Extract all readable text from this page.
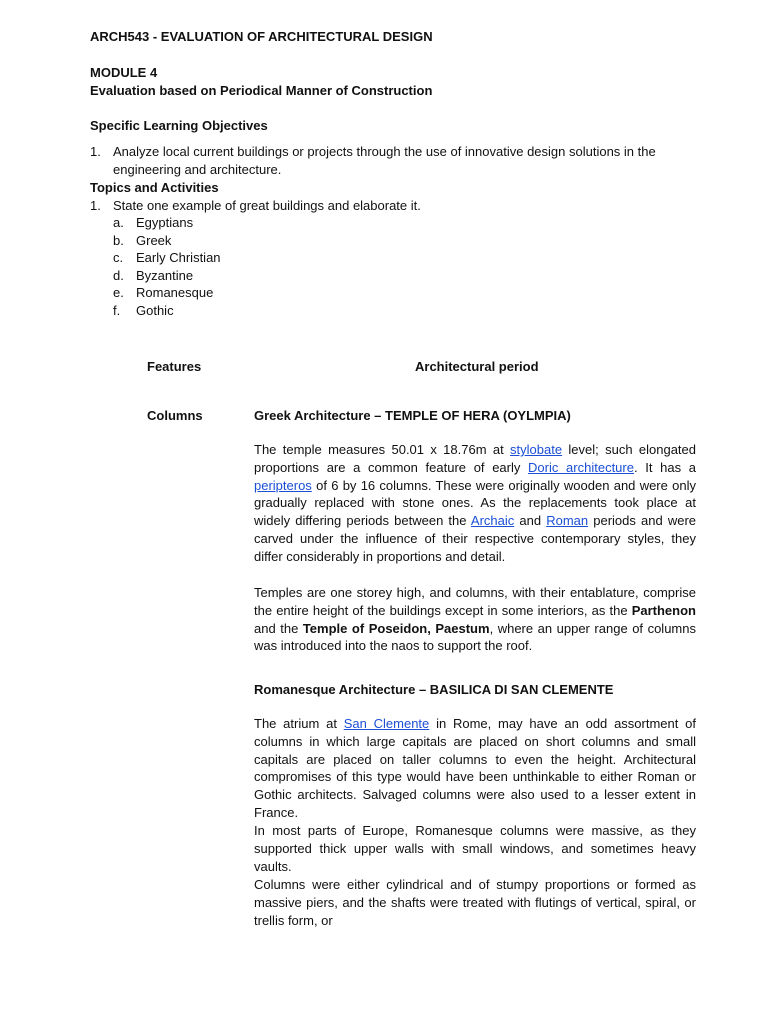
ARCH543 - EVALUATION OF ARCHITECTURAL DESIGN
MODULE 4
Evaluation based on Periodical Manner of Construction
Specific Learning Objectives
1. Analyze local current buildings or projects through the use of innovative design solutions in the engineering and architecture.
Topics and Activities
1. State one example of great buildings and elaborate it.
a. Egyptians
b. Greek
c. Early Christian
d. Byzantine
e. Romanesque
f. Gothic
Features	Architectural period
Columns	Greek Architecture – TEMPLE OF HERA (OYLMPIA)
The temple measures 50.01 x 18.76m at stylobate level; such elongated proportions are a common feature of early Doric architecture. It has a peripteros of 6 by 16 columns. These were originally wooden and were only gradually replaced with stone ones. As the replacements took place at widely differing periods between the Archaic and Roman periods and were carved under the influence of their respective contemporary styles, they differ considerably in proportions and detail.
Temples are one storey high, and columns, with their entablature, comprise the entire height of the buildings except in some interiors, as the Parthenon and the Temple of Poseidon, Paestum, where an upper range of columns was introduced into the naos to support the roof.
Romanesque Architecture – BASILICA DI SAN CLEMENTE
The atrium at San Clemente in Rome, may have an odd assortment of columns in which large capitals are placed on short columns and small capitals are placed on taller columns to even the height. Architectural compromises of this type would have been unthinkable to either Roman or Gothic architects. Salvaged columns were also used to a lesser extent in France.
In most parts of Europe, Romanesque columns were massive, as they supported thick upper walls with small windows, and sometimes heavy vaults.
Columns were either cylindrical and of stumpy proportions or formed as massive piers, and the shafts were treated with flutings of vertical, spiral, or trellis form, or
